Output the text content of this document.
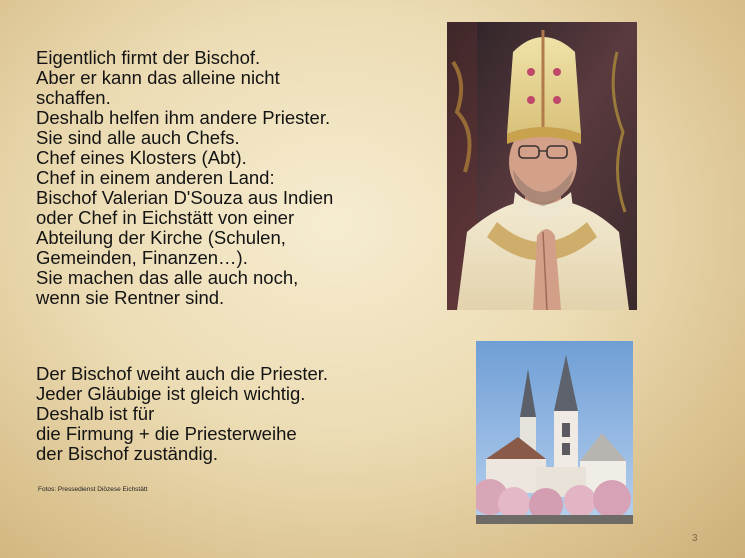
Eigentlich firmt der Bischof.
Aber er kann das alleine nicht
schaffen.
Deshalb helfen ihm andere Priester.
Sie sind alle auch Chefs.
Chef eines Klosters (Abt).
Chef in einem anderen Land:
Bischof Valerian D'Souza aus Indien
oder Chef in Eichstätt von einer
Abteilung der Kirche (Schulen,
Gemeinden, Finanzen…).
Sie machen das alle auch noch,
wenn sie Rentner sind.
Der Bischof weiht auch die Priester.
Jeder Gläubige ist gleich wichtig.
Deshalb ist für
die Firmung + die Priesterweihe
der Bischof zuständig.
Fotos: Pressedienst Diözese Eichstätt
3
